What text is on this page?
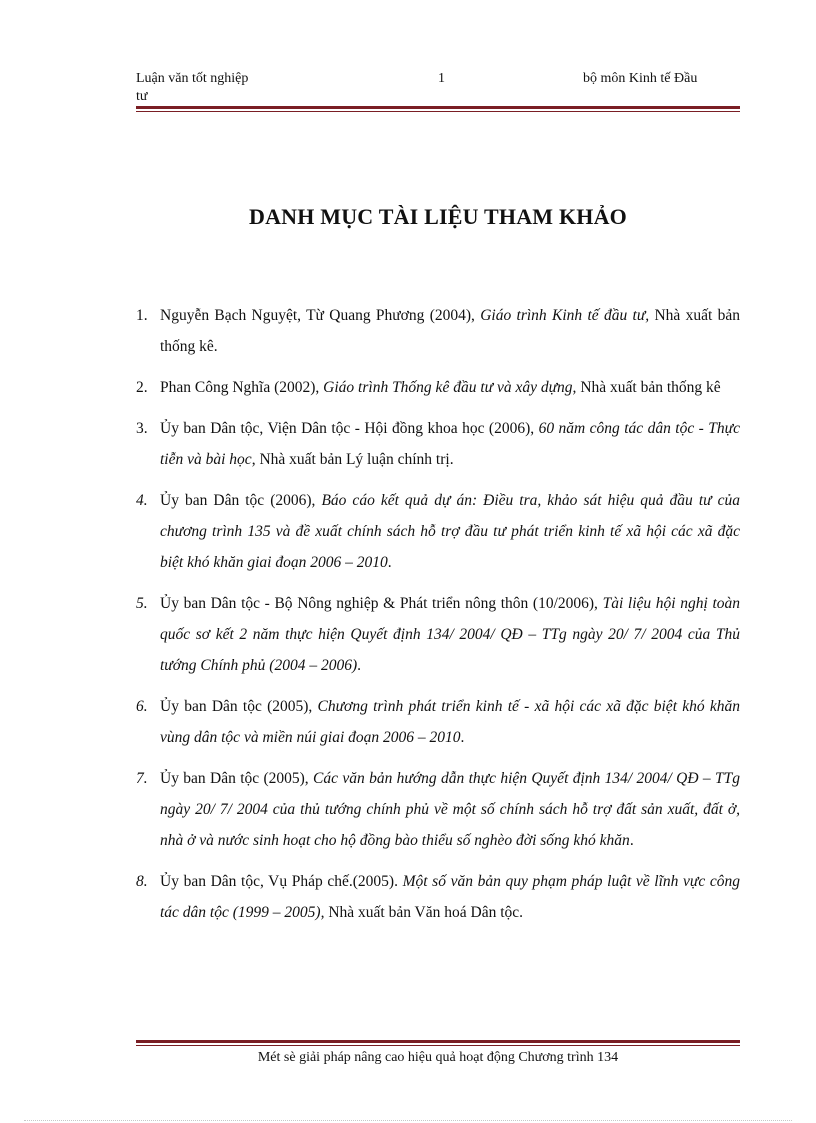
Luận văn tốt nghiệp
tư
1	bộ môn Kinh tế Đầu
DANH MỤC TÀI LIỆU THAM KHẢO
1. Nguyễn Bạch Nguyệt, Từ Quang Phương (2004), Giáo trình Kinh tế đầu tư, Nhà xuất bản thống kê.
2. Phan Công Nghĩa (2002), Giáo trình Thống kê đầu tư và xây dựng, Nhà xuất bản thống kê
3. Ủy ban Dân tộc, Viện Dân tộc - Hội đồng khoa học (2006), 60 năm công tác dân tộc - Thực tiễn và bài học, Nhà xuất bản Lý luận chính trị.
4. Ủy ban Dân tộc (2006), Báo cáo kết quả dự án: Điều tra, khảo sát hiệu quả đầu tư của chương trình 135 và đề xuất chính sách hỗ trợ đầu tư phát triển kinh tế xã hội các xã đặc biệt khó khăn giai đoạn 2006 – 2010.
5. Ủy ban Dân tộc - Bộ Nông nghiệp & Phát triển nông thôn (10/2006), Tài liệu hội nghị toàn quốc sơ kết 2 năm thực hiện Quyết định 134/ 2004/ QĐ – TTg ngày 20/ 7/ 2004 của Thủ tướng Chính phủ (2004 – 2006).
6. Ủy ban Dân tộc (2005), Chương trình phát triển kinh tế - xã hội các xã đặc biệt khó khăn vùng dân tộc và miền núi giai đoạn 2006 – 2010.
7. Ủy ban Dân tộc (2005), Các văn bản hướng dẫn thực hiện Quyết định 134/ 2004/ QĐ – TTg ngày 20/ 7/ 2004 của thủ tướng chính phủ về một số chính sách hỗ trợ đất sản xuất, đất ở, nhà ở và nước sinh hoạt cho hộ đồng bào thiểu số nghèo đời sống khó khăn.
8. Ủy ban Dân tộc, Vụ Pháp chế.(2005). Một số văn bản quy phạm pháp luật về lĩnh vực công tác dân tộc (1999 – 2005), Nhà xuất bản Văn hoá Dân tộc.
Mét sè giải pháp nâng cao hiệu quả hoạt động Chương trình 134
